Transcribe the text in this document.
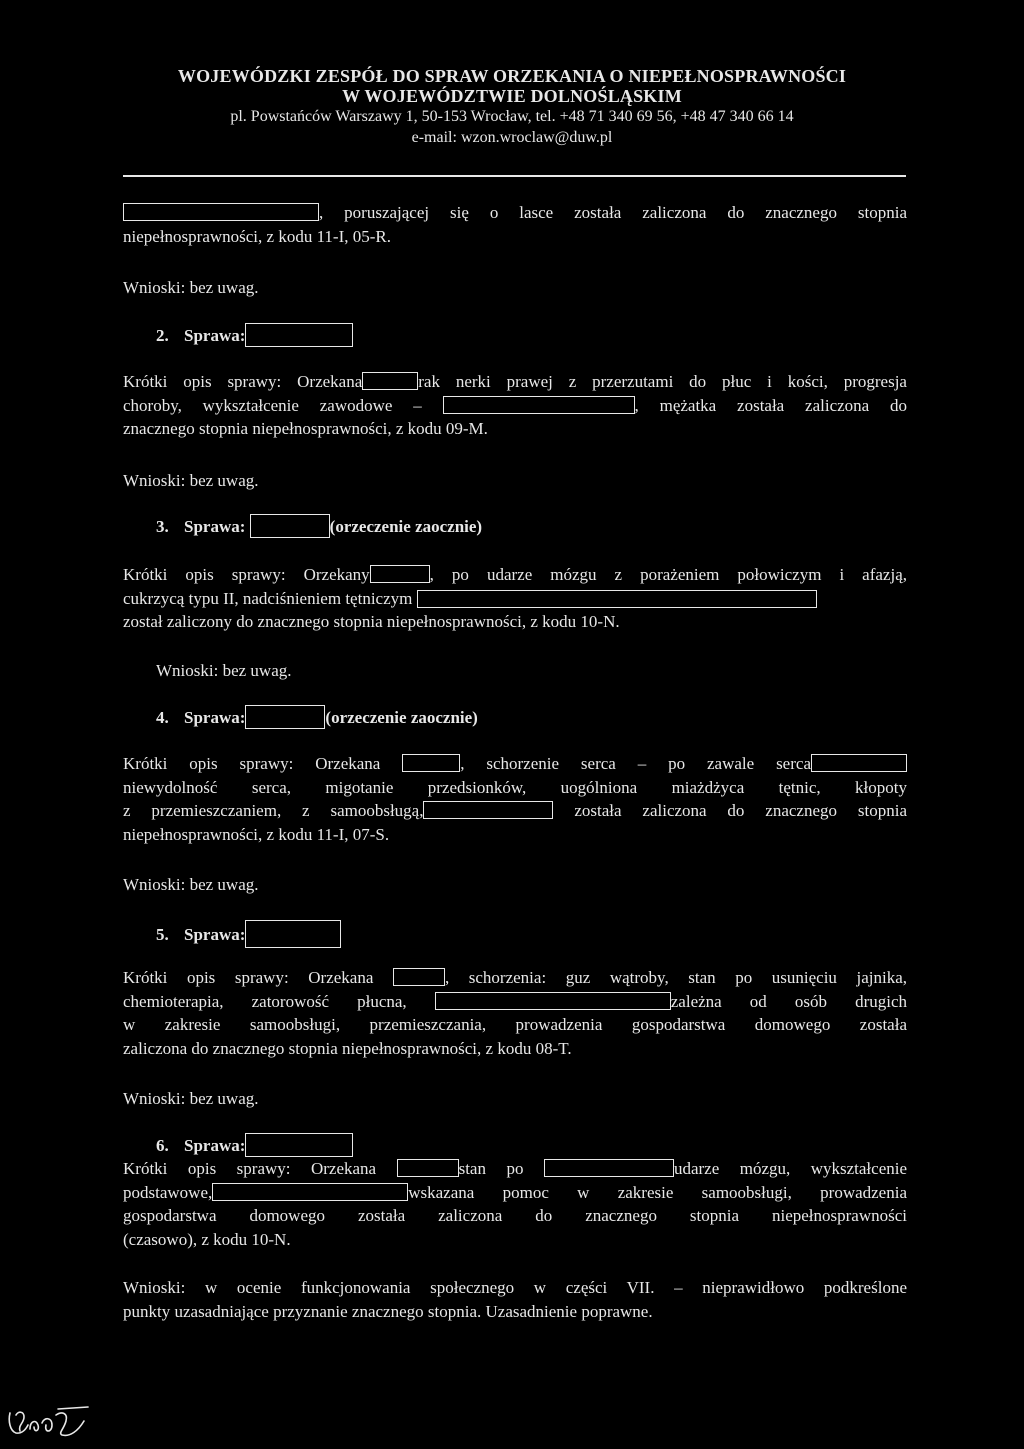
WOJEWÓDZKI ZESPÓŁ DO SPRAW ORZEKANIA O NIEPEŁNOSPRAWNOŚCI
W WOJEWÓDZTWIE DOLNOŚLĄSKIM
pl. Powstańców Warszawy 1, 50-153 Wrocław, tel. +48 71 340 69 56, +48 47 340 66 14
e-mail: wzon.wroclaw@duw.pl
, poruszającej się o lasce została zaliczona do znacznego stopnia
niepełnosprawności, z kodu 11-I, 05-R.
Wnioski: bez uwag.
2. Sprawa:
Krótki opis sprawy: Orzekana	rak nerki prawej z przerzutami do płuc i kości, progresja
choroby, wykształcenie zawodowe –	, mężatka została zaliczona do
znacznego stopnia niepełnosprawności, z kodu 09-M.
Wnioski: bez uwag.
3. Sprawa:	(orzeczenie zaocznie)
Krótki opis sprawy: Orzekany	, po udarze mózgu z porażeniem połowiczym i afazją,
cukrzycą typu II, nadciśnieniem tętniczym
został zaliczony do znacznego stopnia niepełnosprawności, z kodu 10-N.
Wnioski: bez uwag.
4. Sprawa:	(orzeczenie zaocznie)
Krótki opis sprawy: Orzekana	, schorzenie serca – po zawale serca
niewydolność serca, migotanie przedsionków, uogólniona miażdżyca tętnic, kłopoty
z przemieszczaniem, z samoobsługą,	została zaliczona do znacznego stopnia
niepełnosprawności, z kodu 11-I, 07-S.
Wnioski: bez uwag.
5. Sprawa:
Krótki opis sprawy: Orzekana	, schorzenia: guz wątroby, stan po usunięciu jajnika,
chemioterapia, zatorowość płucna,	zależna od osób drugich
w zakresie samoobsługi, przemieszczania, prowadzenia gospodarstwa domowego została
zaliczona do znacznego stopnia niepełnosprawności, z kodu 08-T.
Wnioski: bez uwag.
6. Sprawa:
Krótki opis sprawy: Orzekana	stan po	udarze mózgu, wykształcenie
podstawowe,	wskazana pomoc w zakresie samoobsługi, prowadzenia
gospodarstwa domowego została zaliczona do znacznego stopnia niepełnosprawności
(czasowo), z kodu 10-N.
Wnioski: w ocenie funkcjonowania społecznego w części VII. – nieprawidłowo podkreślone
punkty uzasadniające przyznanie znacznego stopnia. Uzasadnienie poprawne.
